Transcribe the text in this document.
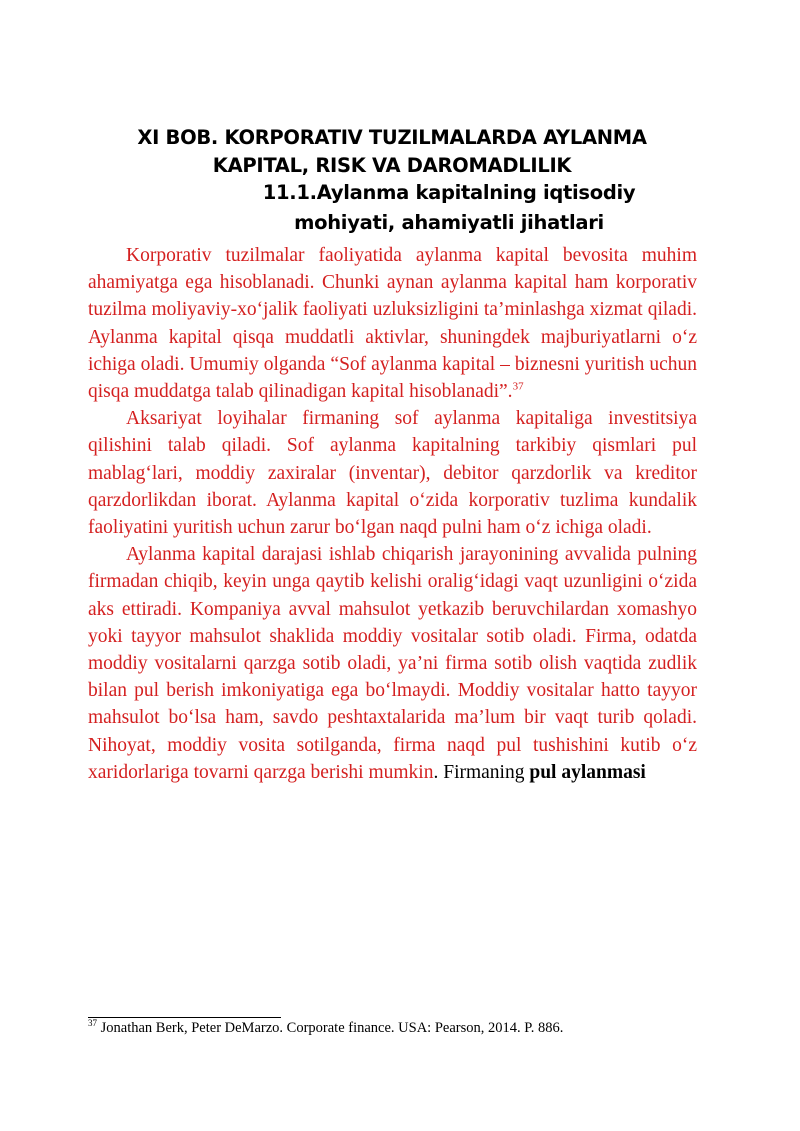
XI BOB. KORPORATIV TUZILMALARDA AYLANMA
KAPITAL, RISK VA DAROMADLILIK
11.1.Aylanma kapitalning iqtisodiy
mohiyati, ahamiyatli jihatlari

Korporativ tuzilmalar faoliyatida aylanma kapital bevosita muhim ahamiyatga ega hisoblanadi. Chunki aynan aylanma kapital ham korporativ tuzilma moliyaviy-xo‘jalik faoliyati uzluksizligini ta’minlashga xizmat qiladi. Aylanma kapital qisqa muddatli aktivlar, shuningdek majburiyatlarni o‘z ichiga oladi. Umumiy olganda “Sof aylanma kapital – biznesni yuritish uchun qisqa muddatga talab qilinadigan kapital hisoblanadi”.$^{37}$

Aksariyat loyihalar firmaning sof aylanma kapitaliga investitsiya qilishini talab qiladi. Sof aylanma kapitalning tarkibiy qismlari pul mablag‘lari, moddiy zaxiralar (inventar), debitor qarzdorlik va kreditor qarzdorlikdan iborat. Aylanma kapital o‘zida korporativ tuzlima kundalik faoliyatini yuritish uchun zarur bo‘lgan naqd pulni ham o‘z ichiga oladi.

Aylanma kapital darajasi ishlab chiqarish jarayonining avvalida pulning firmadan chiqib, keyin unga qaytib kelishi oralig‘idagi vaqt uzunligini o‘zida aks ettiradi. Kompaniya avval mahsulot yetkazib beruvchilardan xomashyo yoki tayyor mahsulot shaklida moddiy vositalar sotib oladi. Firma, odatda moddiy vositalarni qarzga sotib oladi, ya’ni firma sotib olish vaqtida zudlik bilan pul berish imkoniyatiga ega bo‘lmaydi. Moddiy vositalar hatto tayyor mahsulot bo‘lsa ham, savdo peshtaxtalarida ma’lum bir vaqt turib qoladi. Nihoyat, moddiy vosita sotilganda, firma naqd pul tushishini kutib o‘z xaridorlariga tovarni qarzga berishi mumkin. Firmaning pul aylanmasi

$^{37}$ Jonathan Berk, Peter DeMarzo. Corporate finance. USA: Pearson, 2014. P. 886.
